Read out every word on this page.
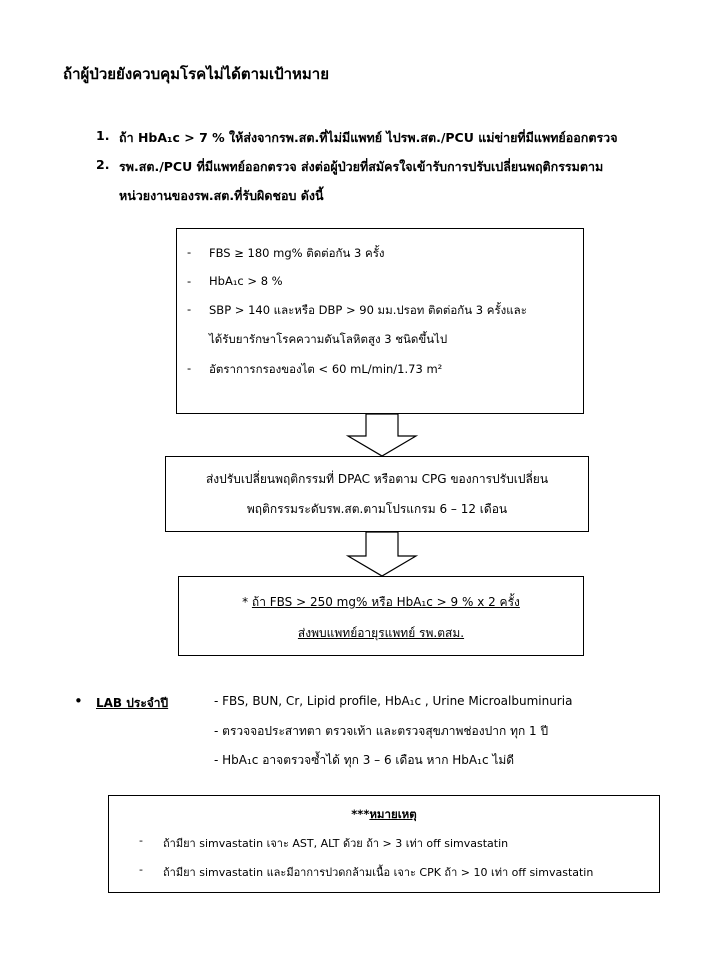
ถ้าผู้ป่วยยังควบคุมโรคไม่ได้ตามเป้าหมาย
1. ถ้า HbA₁c > 7 % ให้ส่งจากรพ.สต.ที่ไม่มีแพทย์ ไปรพ.สต./PCU แม่ข่ายที่มีแพทย์ออกตรวจ
2. รพ.สต./PCU ที่มีแพทย์ออกตรวจ ส่งต่อผู้ป่วยที่สมัครใจเข้ารับการปรับเปลี่ยนพฤติกรรมตาม
หน่วยงานของรพ.สต.ที่รับผิดชอบ ดังนี้
- FBS ≥ 180 mg% ติดต่อกัน 3 ครั้ง
- HbA₁c > 8 %
- SBP > 140 และหรือ DBP > 90 มม.ปรอท ติดต่อกัน 3 ครั้งและ
ได้รับยารักษาโรคความดันโลหิตสูง 3 ชนิดขึ้นไป
- อัตราการกรองของไต < 60 mL/min/1.73 m²
ส่งปรับเปลี่ยนพฤติกรรมที่ DPAC หรือตาม CPG ของการปรับเปลี่ยน
พฤติกรรมระดับรพ.สต.ตามโปรแกรม 6 – 12 เดือน
* ถ้า FBS > 250 mg% หรือ HbA₁c > 9 % x 2 ครั้ง
ส่งพบแพทย์อายุรแพทย์ รพ.ตสม.
• LAB ประจำปี	- FBS, BUN, Cr, Lipid profile, HbA₁c , Urine Microalbuminuria
- ตรวจจอประสาทตา ตรวจเท้า และตรวจสุขภาพช่องปาก ทุก 1 ปี
- HbA₁c อาจตรวจซ้ำได้ ทุก 3 – 6 เดือน หาก HbA₁c ไม่ดี
***หมายเหตุ
- ถ้ามียา simvastatin เจาะ AST, ALT ด้วย ถ้า > 3 เท่า off simvastatin
- ถ้ามียา simvastatin และมีอาการปวดกล้ามเนื้อ เจาะ CPK ถ้า > 10 เท่า off simvastatin
